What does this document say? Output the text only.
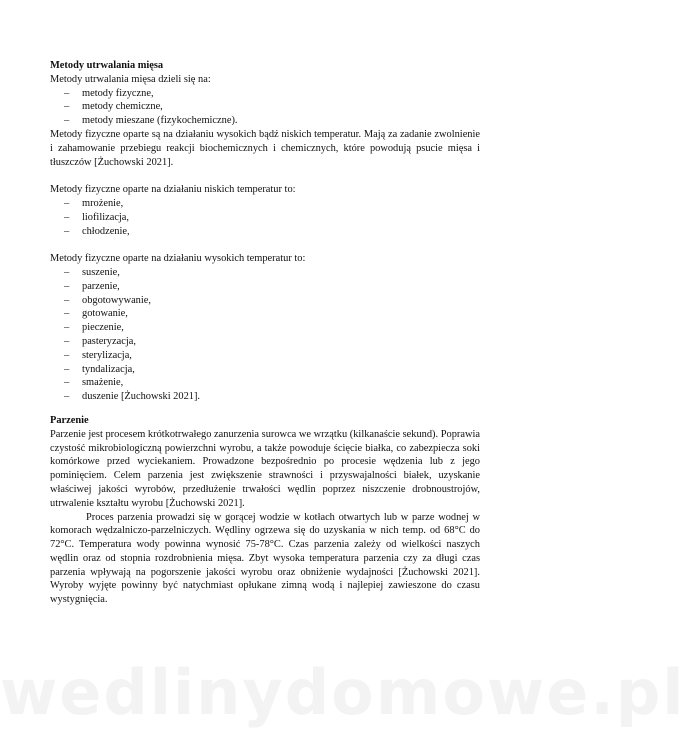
Metody utrwalania mięsa

Metody utrwalania mięsa dzieli się na:

– metody fizyczne,
– metody chemiczne,
– metody mieszane (fizykochemiczne).

Metody fizyczne oparte są na działaniu wysokich bądź niskich temperatur. Mają za zadanie zwolnienie i zahamowanie przebiegu reakcji biochemicznych i chemicznych, które powodują psucie mięsa i tłuszczów [Żuchowski 2021].

Metody fizyczne oparte na działaniu niskich temperatur to:

– mrożenie,
– liofilizacja,
– chłodzenie,

Metody fizyczne oparte na działaniu wysokich temperatur to:

– suszenie,
– parzenie,
– obgotowywanie,
– gotowanie,
– pieczenie,
– pasteryzacja,
– sterylizacja,
– tyndalizacja,
– smażenie,
– duszenie [Żuchowski 2021].

Parzenie

Parzenie jest procesem krótkotrwałego zanurzenia surowca we wrzątku (kilkanaście sekund). Poprawia czystość mikrobiologiczną powierzchni wyrobu, a także powoduje ścięcie białka, co zabezpiecza soki komórkowe przed wyciekaniem. Prowadzone bezpośrednio po procesie wędzenia lub z jego pominięciem. Celem parzenia jest zwiększenie strawności i przyswajalności białek, uzyskanie właściwej jakości wyrobów, przedłużenie trwałości wędlin poprzez niszczenie drobnoustrojów, utrwalenie kształtu wyrobu [Żuchowski 2021].

Proces parzenia prowadzi się w gorącej wodzie w kotłach otwartych lub w parze wodnej w komorach wędzalniczo-parzelniczych. Wędliny ogrzewa się do uzyskania w nich temp. od 68°C do 72°C. Temperatura wody powinna wynosić 75-78°C. Czas parzenia zależy od wielkości naszych wędlin oraz od stopnia rozdrobnienia mięsa. Zbyt wysoka temperatura parzenia czy za długi czas parzenia wpływają na pogorszenie jakości wyrobu oraz obniżenie wydajności [Żuchowski 2021]. Wyroby wyjęte powinny być natychmiast opłukane zimną wodą i najlepiej zawieszone do czasu wystygnięcia.

wedlinydomowe.pl
